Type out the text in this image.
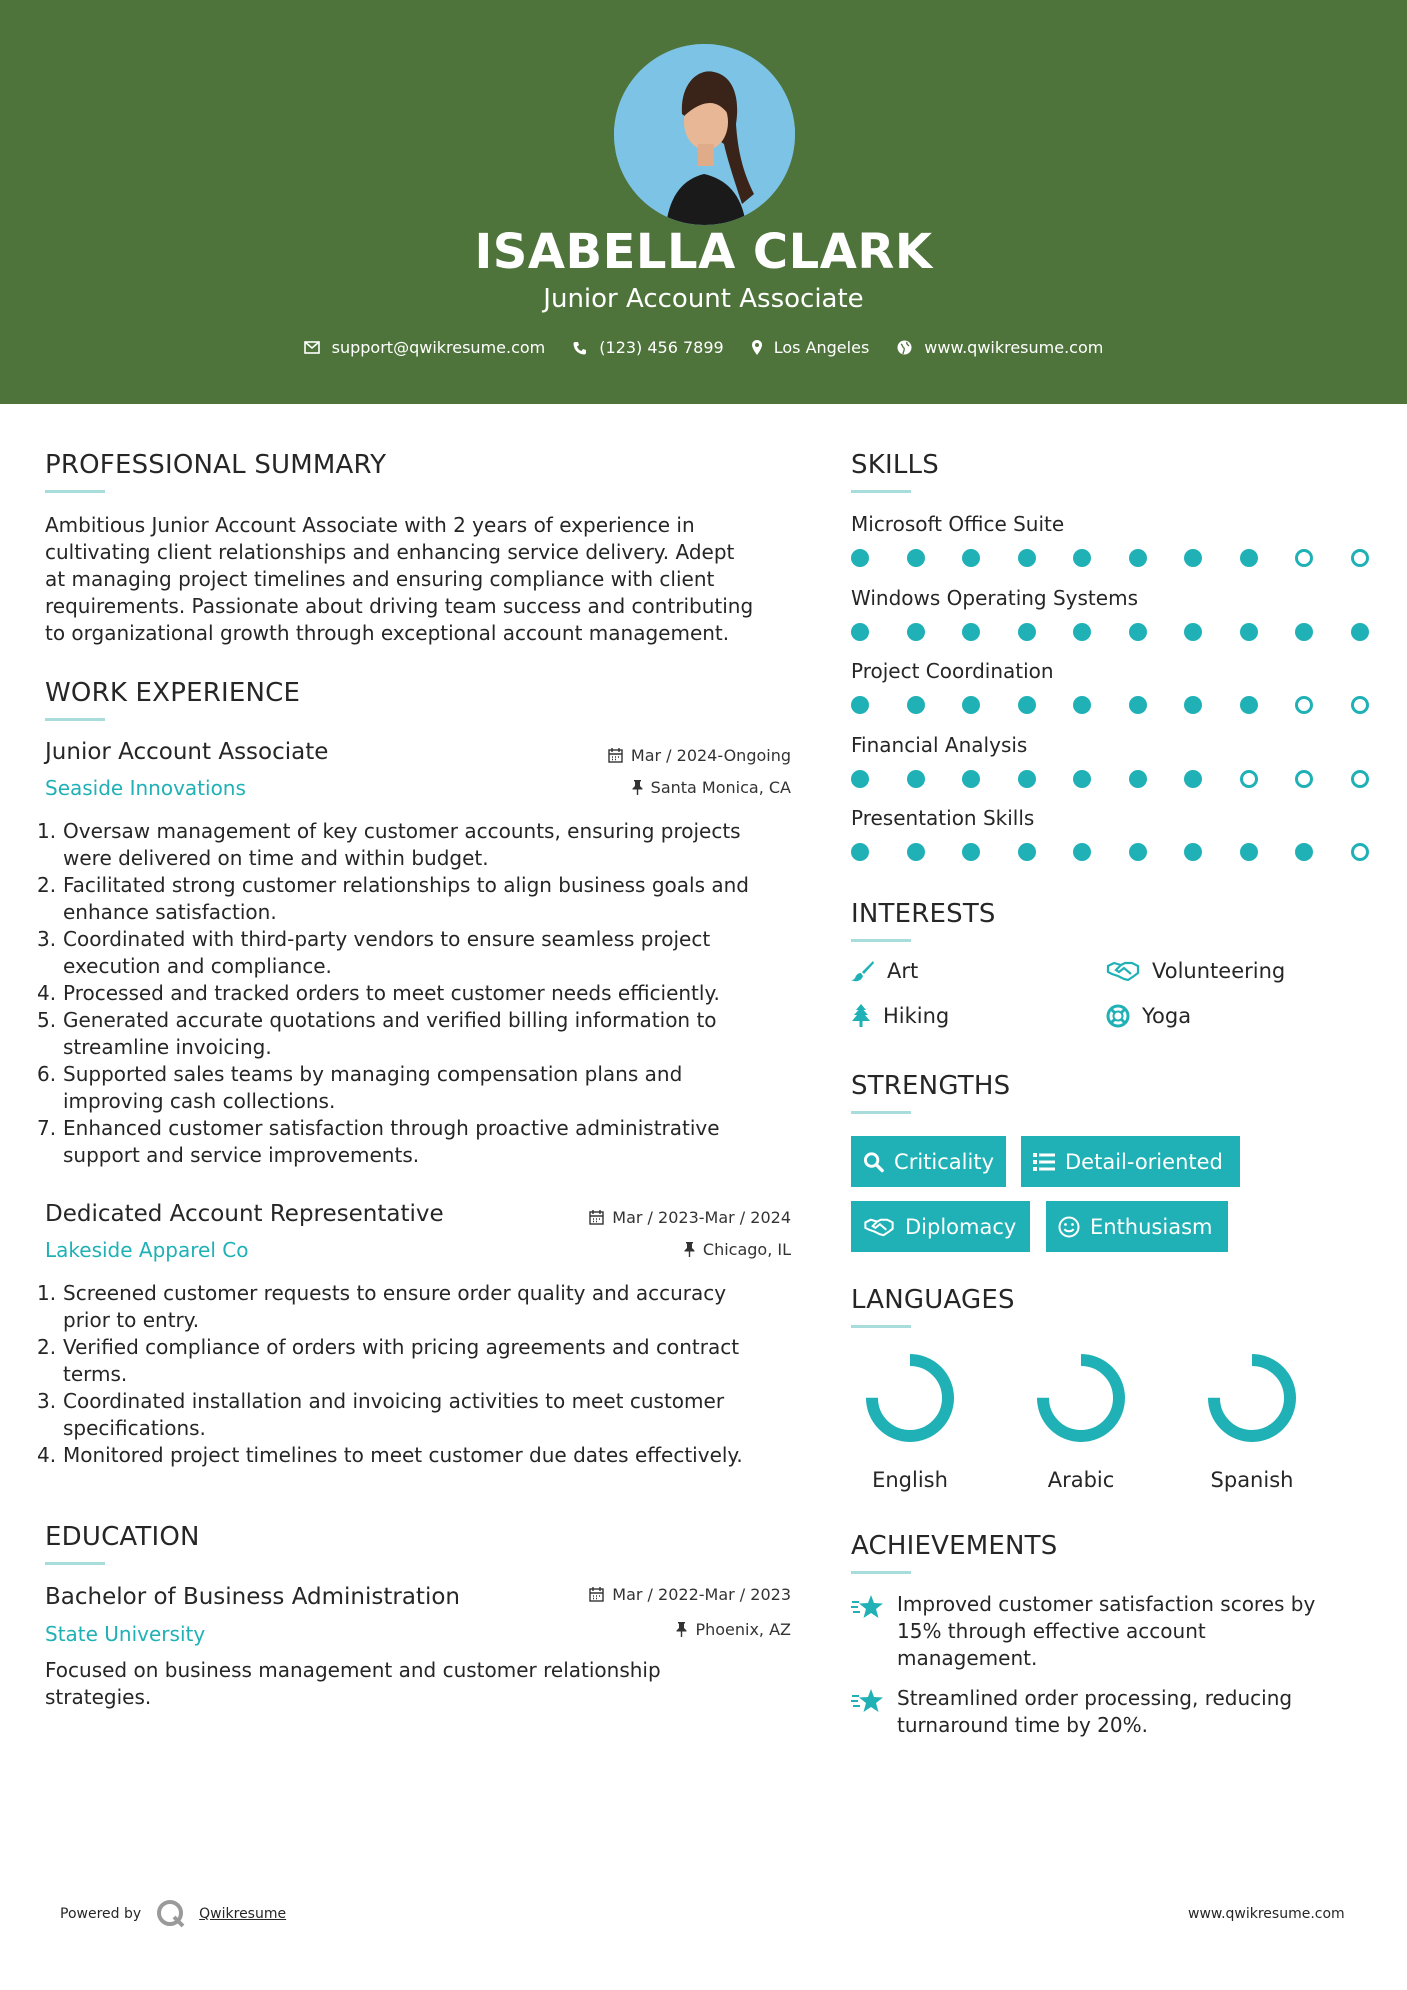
ISABELLA CLARK
Junior Account Associate
support@qwikresume.com	(123) 456 7899	Los Angeles	www.qwikresume.com
PROFESSIONAL SUMMARY
Ambitious Junior Account Associate with 2 years of experience in
cultivating client relationships and enhancing service delivery. Adept
at managing project timelines and ensuring compliance with client
requirements. Passionate about driving team success and contributing
to organizational growth through exceptional account management.
WORK EXPERIENCE
Junior Account Associate	Mar / 2024-Ongoing
Seaside Innovations	Santa Monica, CA
1. Oversaw management of key customer accounts, ensuring projects
were delivered on time and within budget.
2. Facilitated strong customer relationships to align business goals and
enhance satisfaction.
3. Coordinated with third-party vendors to ensure seamless project
execution and compliance.
4. Processed and tracked orders to meet customer needs efficiently.
5. Generated accurate quotations and verified billing information to
streamline invoicing.
6. Supported sales teams by managing compensation plans and
improving cash collections.
7. Enhanced customer satisfaction through proactive administrative
support and service improvements.
Dedicated Account Representative	Mar / 2023-Mar / 2024
Lakeside Apparel Co	Chicago, IL
1. Screened customer requests to ensure order quality and accuracy
prior to entry.
2. Verified compliance of orders with pricing agreements and contract
terms.
3. Coordinated installation and invoicing activities to meet customer
specifications.
4. Monitored project timelines to meet customer due dates effectively.
EDUCATION
Bachelor of Business Administration	Mar / 2022-Mar / 2023
State University	Phoenix, AZ
Focused on business management and customer relationship
strategies.
SKILLS
Microsoft Office Suite
Windows Operating Systems
Project Coordination
Financial Analysis
Presentation Skills
INTERESTS
Art	Volunteering
Hiking	Yoga
STRENGTHS
Criticality	Detail-oriented
Diplomacy	Enthusiasm
LANGUAGES
English	Arabic	Spanish
ACHIEVEMENTS
Improved customer satisfaction scores by
15% through effective account
management.
Streamlined order processing, reducing
turnaround time by 20%.
Powered by	Qwikresume	www.qwikresume.com
